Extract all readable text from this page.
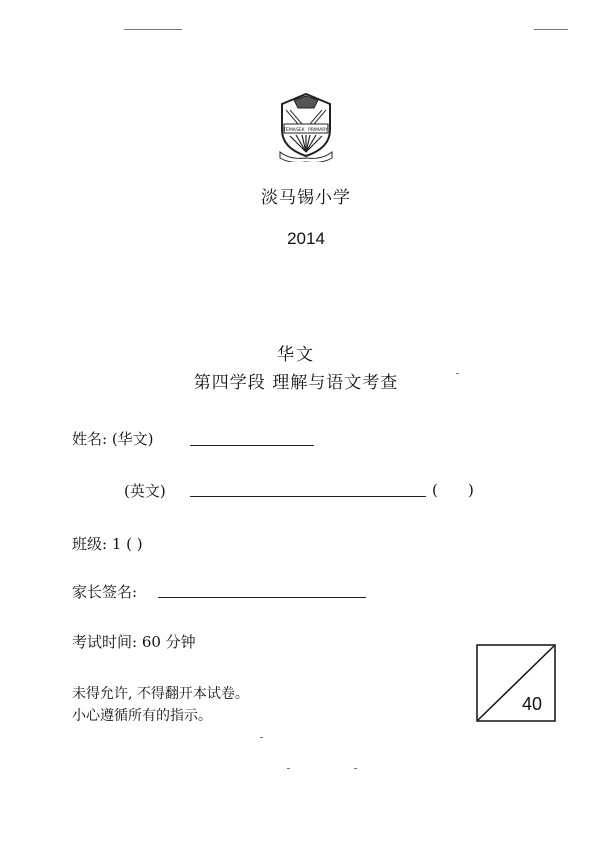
TEMASEK PRIMARY
淡马锡小学
2014
华文
第四学段 理解与语文考查
姓名: (华文)
(英文)	( )
班级: 1 ( )
家长签名:
考试时间: 60 分钟
未得允许, 不得翻开本试卷。
小心遵循所有的指示。
40
